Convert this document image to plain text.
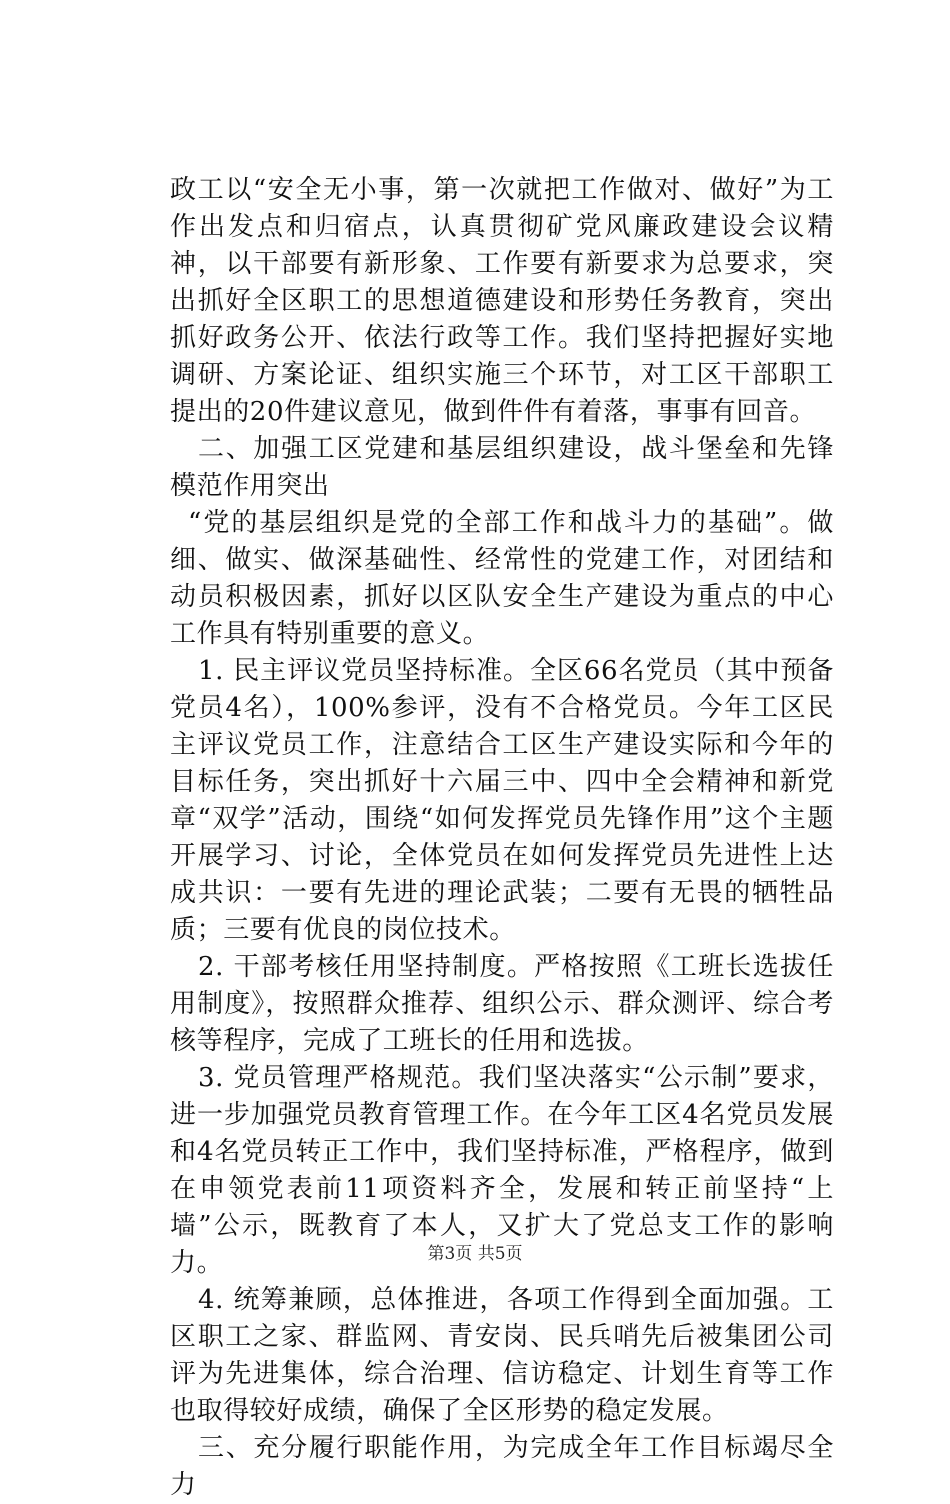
政工以“安全无小事，第一次就把工作做对、做好”为工作出发点和归宿点，认真贯彻矿党风廉政建设会议精神，以干部要有新形象、工作要有新要求为总要求，突出抓好全区职工的思想道德建设和形势任务教育，突出抓好政务公开、依法行政等工作。我们坚持把握好实地调研、方案论证、组织实施三个环节，对工区干部职工提出的20件建议意见，做到件件有着落，事事有回音。

二、加强工区党建和基层组织建设，战斗堡垒和先锋模范作用突出

“党的基层组织是党的全部工作和战斗力的基础”。做细、做实、做深基础性、经常性的党建工作，对团结和动员积极因素，抓好以区队安全生产建设为重点的中心工作具有特别重要的意义。

1. 民主评议党员坚持标准。全区66名党员（其中预备党员4名），100%参评，没有不合格党员。今年工区民主评议党员工作，注意结合工区生产建设实际和今年的目标任务，突出抓好十六届三中、四中全会精神和新党章“双学”活动，围绕“如何发挥党员先锋作用”这个主题开展学习、讨论，全体党员在如何发挥党员先进性上达成共识：一要有先进的理论武装；二要有无畏的牺牲品质；三要有优良的岗位技术。

2. 干部考核任用坚持制度。严格按照《工班长选拔任用制度》，按照群众推荐、组织公示、群众测评、综合考核等程序，完成了工班长的任用和选拔。

3. 党员管理严格规范。我们坚决落实“公示制”要求，进一步加强党员教育管理工作。在今年工区4名党员发展和4名党员转正工作中，我们坚持标准，严格程序，做到在申领党表前11项资料齐全，发展和转正前坚持“上墙”公示，既教育了本人，又扩大了党总支工作的影响力。

4. 统筹兼顾，总体推进，各项工作得到全面加强。工区职工之家、群监网、青安岗、民兵哨先后被集团公司评为先进集体，综合治理、信访稳定、计划生育等工作也取得较好成绩，确保了全区形势的稳定发展。

三、充分履行职能作用，为完成全年工作目标竭尽全力

第3页 共5页
